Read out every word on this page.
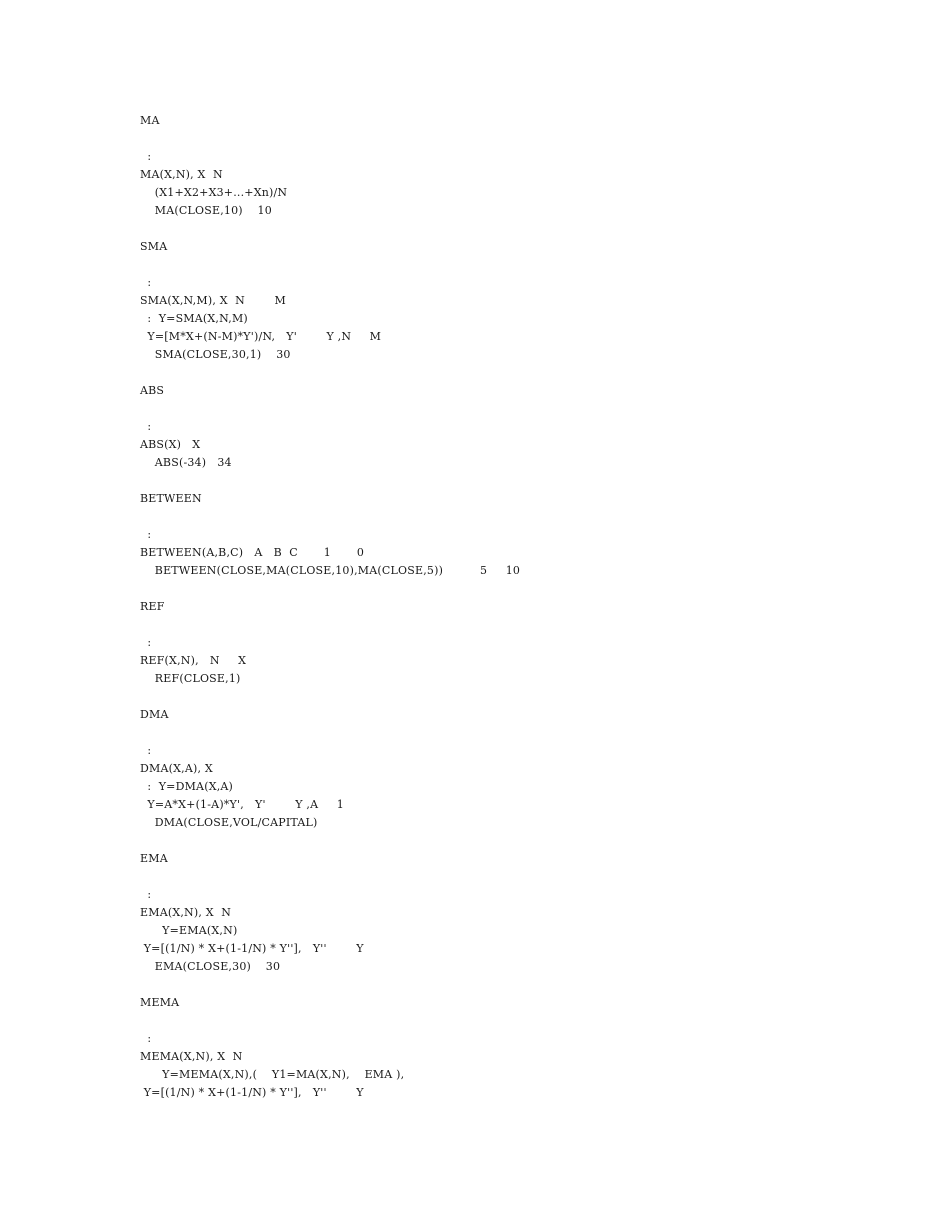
MA
:
MA(X,N), X  N
(X1+X2+X3+...+Xn)/N
MA(CLOSE,10)    10
SMA
:
SMA(X,N,M), X  N        M
:  Y=SMA(X,N,M)
Y=[M*X+(N-M)*Y')/N,   Y'        Y ,N     M
SMA(CLOSE,30,1)    30
ABS
:
ABS(X)   X
ABS(-34)   34
BETWEEN
:
BETWEEN(A,B,C)   A   B  C       1       0
BETWEEN(CLOSE,MA(CLOSE,10),MA(CLOSE,5))          5     10
REF
:
REF(X,N),   N     X
REF(CLOSE,1)
DMA
:
DMA(X,A), X
:  Y=DMA(X,A)
Y=A*X+(1-A)*Y',   Y'        Y ,A     1
DMA(CLOSE,VOL/CAPITAL)
EMA
:
EMA(X,N), X  N
Y=EMA(X,N)
Y=[(1/N) * X+(1-1/N) * Y''],   Y''        Y
EMA(CLOSE,30)    30
MEMA
:
MEMA(X,N), X  N
Y=MEMA(X,N),(    Y1=MA(X,N),    EMA ),
Y=[(1/N) * X+(1-1/N) * Y''],   Y''        Y
